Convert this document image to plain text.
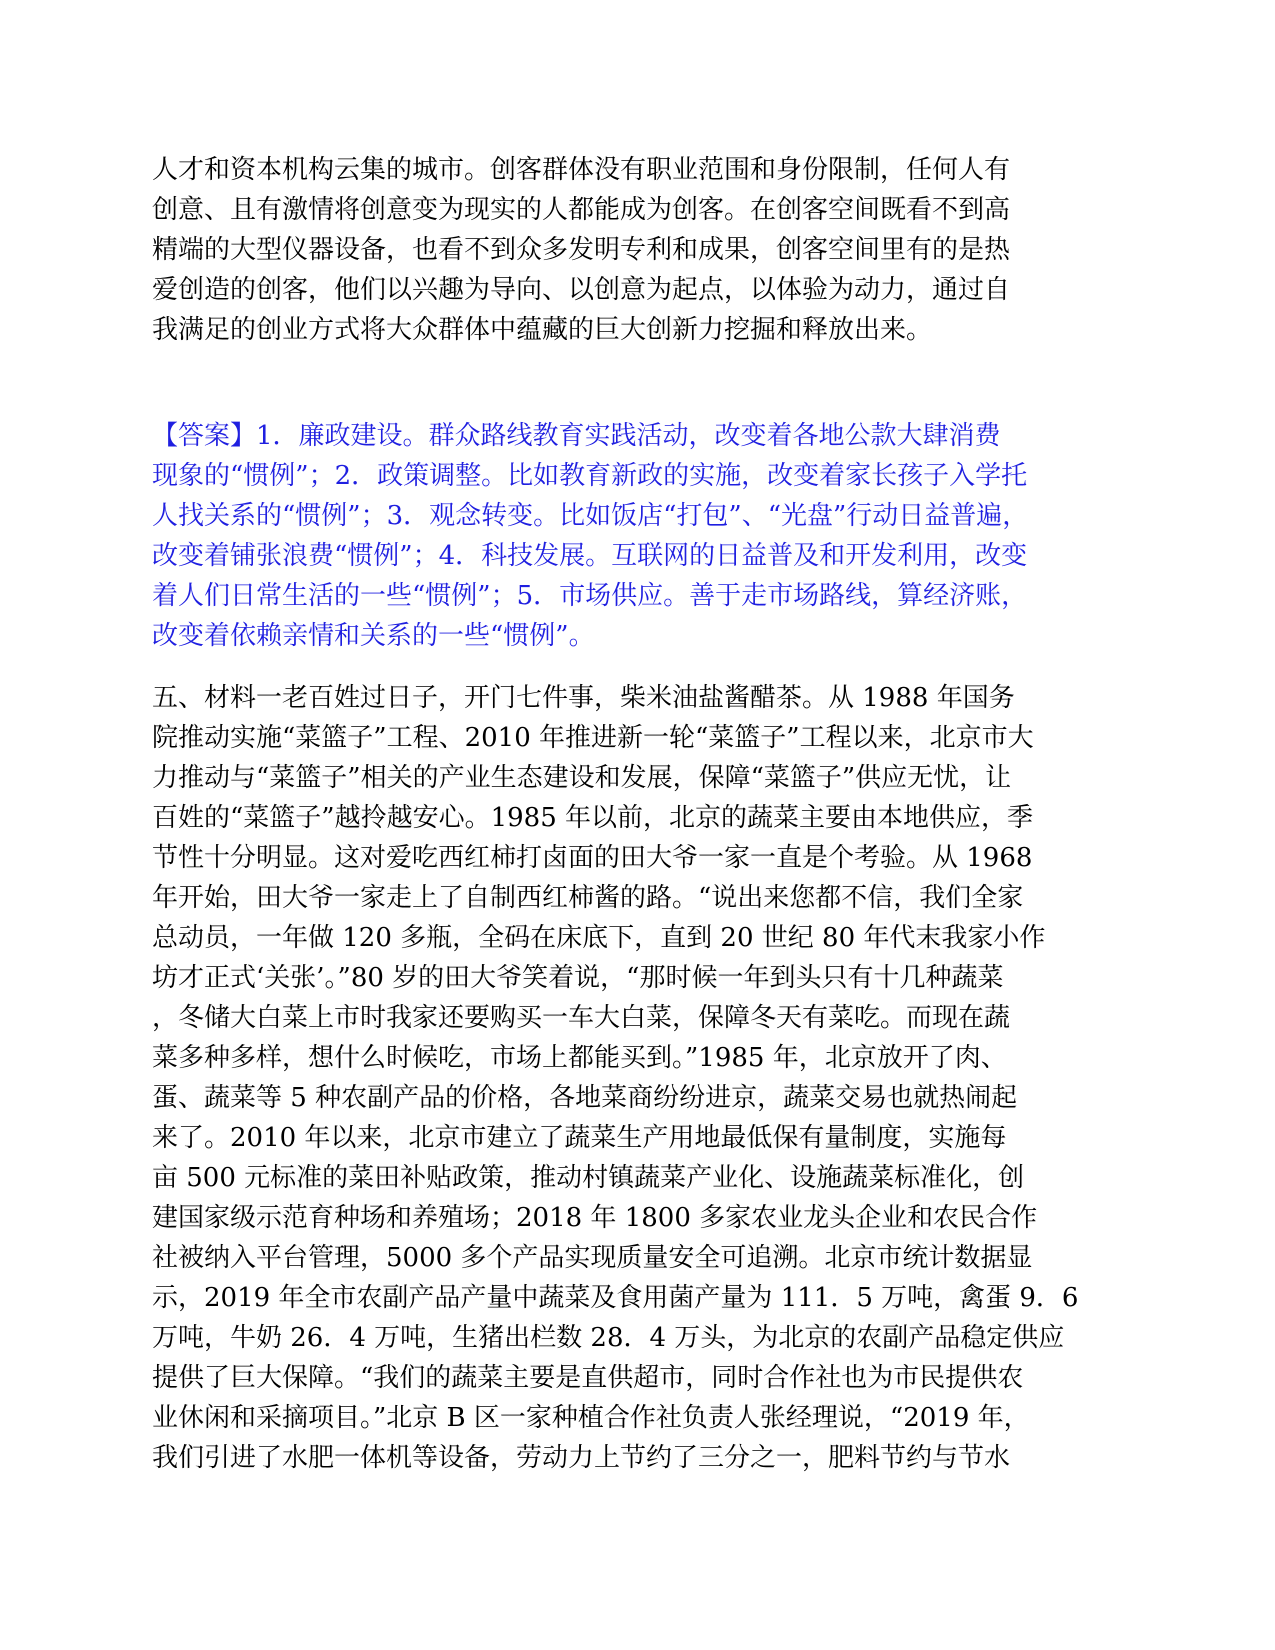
人才和资本机构云集的城市。创客群体没有职业范围和身份限制，任何人有
创意、且有激情将创意变为现实的人都能成为创客。在创客空间既看不到高
精端的大型仪器设备，也看不到众多发明专利和成果，创客空间里有的是热
爱创造的创客，他们以兴趣为导向、以创意为起点，以体验为动力，通过自
我满足的创业方式将大众群体中蕴藏的巨大创新力挖掘和释放出来。
【答案】1．廉政建设。群众路线教育实践活动，改变着各地公款大肆消费
现象的“惯例”；2．政策调整。比如教育新政的实施，改变着家长孩子入学托
人找关系的“惯例”；3．观念转变。比如饭店“打包”、“光盘”行动日益普遍，
改变着铺张浪费“惯例”；4．科技发展。互联网的日益普及和开发利用，改变
着人们日常生活的一些“惯例”；5．市场供应。善于走市场路线，算经济账，
改变着依赖亲情和关系的一些“惯例”。
五、材料一老百姓过日子，开门七件事，柴米油盐酱醋茶。从 1988 年国务
院推动实施“菜篮子”工程、2010 年推进新一轮“菜篮子”工程以来，北京市大
力推动与“菜篮子”相关的产业生态建设和发展，保障“菜篮子”供应无忧，让
百姓的“菜篮子”越拎越安心。1985 年以前，北京的蔬菜主要由本地供应，季
节性十分明显。这对爱吃西红柿打卤面的田大爷一家一直是个考验。从 1968
年开始，田大爷一家走上了自制西红柿酱的路。“说出来您都不信，我们全家
总动员，一年做 120 多瓶，全码在床底下，直到 20 世纪 80 年代末我家小作
坊才正式‘关张’。”80 岁的田大爷笑着说，“那时候一年到头只有十几种蔬菜
，冬储大白菜上市时我家还要购买一车大白菜，保障冬天有菜吃。而现在蔬
菜多种多样，想什么时候吃，市场上都能买到。”1985 年，北京放开了肉、
蛋、蔬菜等 5 种农副产品的价格，各地菜商纷纷进京，蔬菜交易也就热闹起
来了。2010 年以来，北京市建立了蔬菜生产用地最低保有量制度，实施每
亩 500 元标准的菜田补贴政策，推动村镇蔬菜产业化、设施蔬菜标准化，创
建国家级示范育种场和养殖场；2018 年 1800 多家农业龙头企业和农民合作
社被纳入平台管理，5000 多个产品实现质量安全可追溯。北京市统计数据显
示，2019 年全市农副产品产量中蔬菜及食用菌产量为 111．5 万吨，禽蛋 9．6
万吨，牛奶 26．4 万吨，生猪出栏数 28．4 万头，为北京的农副产品稳定供应
提供了巨大保障。“我们的蔬菜主要是直供超市，同时合作社也为市民提供农
业休闲和采摘项目。”北京 B 区一家种植合作社负责人张经理说，“2019 年，
我们引进了水肥一体机等设备，劳动力上节约了三分之一，肥料节约与节水
